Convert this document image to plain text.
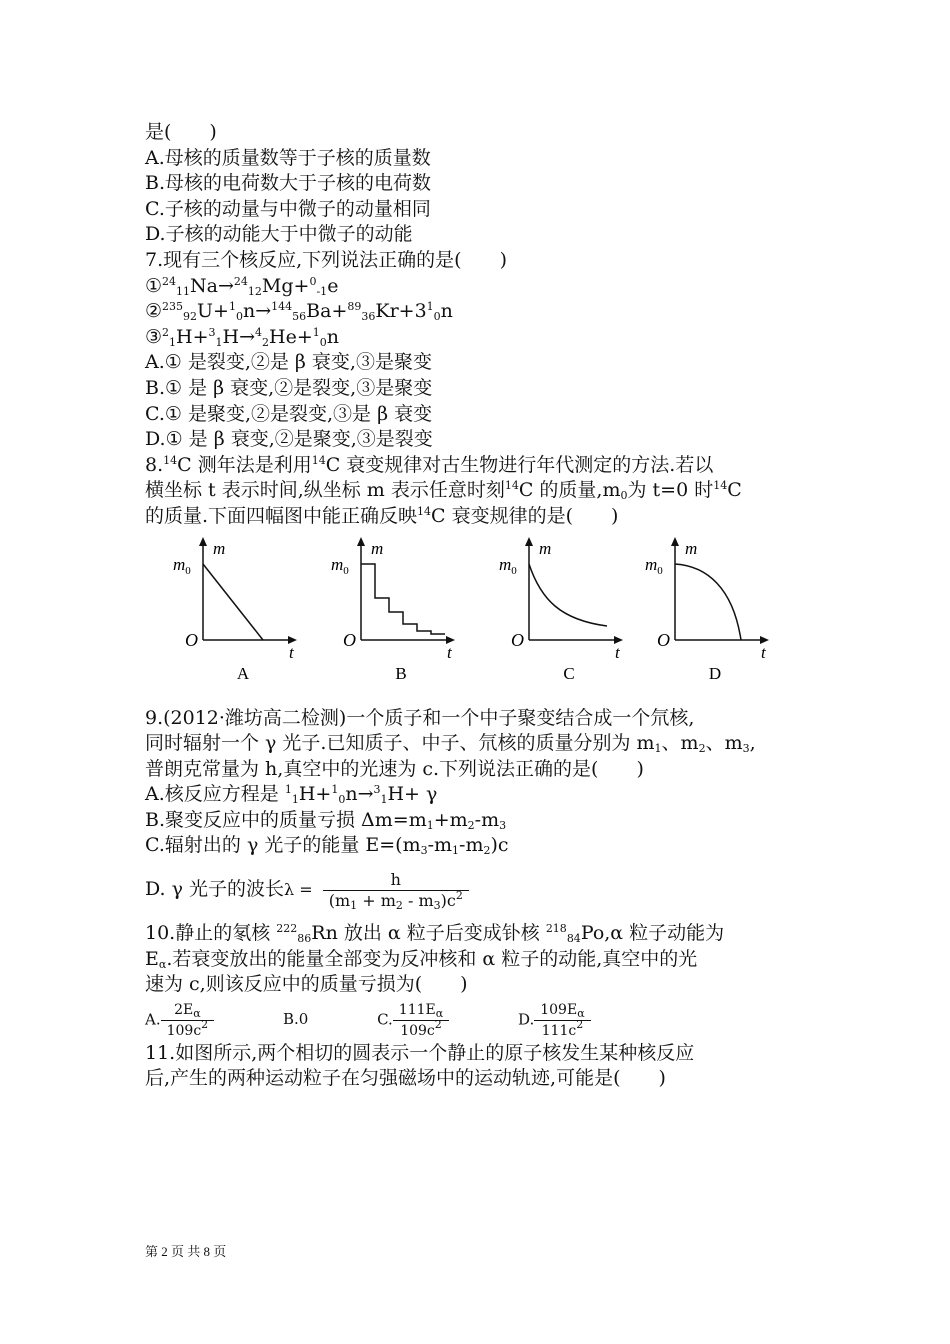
是(　　)
A.母核的质量数等于子核的质量数
B.母核的电荷数大于子核的电荷数
C.子核的动量与中微子的动量相同
D.子核的动能大于中微子的动能
7.现有三个核反应,下列说法正确的是(　　)
①$^{24}_{11}$Na→$^{24}_{12}$Mg+$^0_{-1}$e
$②^{235}_{92}U+^1_0n\to^{144}_{56}Ba+^{89}_{36}Kr+3^1_0n$
③$^2_1$H+$^3_1$H→$^4_2$He+$^1_0$n
A.① 是裂变,②是 β 衰变,③是聚变
B.① 是 β 衰变,②是裂变,③是聚变
C.① 是聚变,②是裂变,③是 β 衰变
D.① 是 β 衰变,②是聚变,③是裂变
8.14C 测年法是利用$^{14}$C 衰变规律对古生物进行年代测定的方法.若以
横坐标 t 表示时间,纵坐标 m 表示任意时刻$^{14}$C 的质量$,m_0$为 t=0 时$^{14}$C
的质量.下面四幅图中能正确反映$^{14}$C 衰变规律的是(　　)
m
$m_0$
O
t
A
m
$m_0$
O
t
B
m
$m_0$
O
t
C
m
$m_0$
O
t
D
9.(2012·潍坊高二检测)一个质子和一个中子聚变结合成一个氘核,
同时辐射一个 γ 光子.已知质子、中子、氘核的质量分别为 $m_1$、$m_2$、$m_3$,
普朗克常量为 h,真空中的光速为 c.下列说法正确的是(　　)
A.核反应方程是 $^1_1$H+$^1_0$n→$^3_1$H+ γ
B.聚变反应中的质量亏损 $\Delta m=m_1+m_2-m_3$
C.辐射出的 γ 光子的能量 $E=(m_3-m_1-m_2)c$
D. γ 光子的波长$\lambda = \frac{h}{(m_1 + m_2 - m_3)c^2}$
10.静止的氡核 $^{222}_{86}$Rn 放出 α 粒子后变成钋核 $^{218}_{84}$Po,α 粒子动能为
$E_\alpha$.若衰变放出的能量全部变为反冲核和 α 粒子的动能,真空中的光
速为 c,则该反应中的质量亏损为(　　)
A. $\frac{2E_\alpha}{109c^2}$	B.0	C. $\frac{111E_\alpha}{109c^2}$	D. $\frac{109E_\alpha}{111c^2}$
11.如图所示,两个相切的圆表示一个静止的原子核发生某种核反应
后,产生的两种运动粒子在匀强磁场中的运动轨迹,可能是(　　)
第 2 页 共 8 页
